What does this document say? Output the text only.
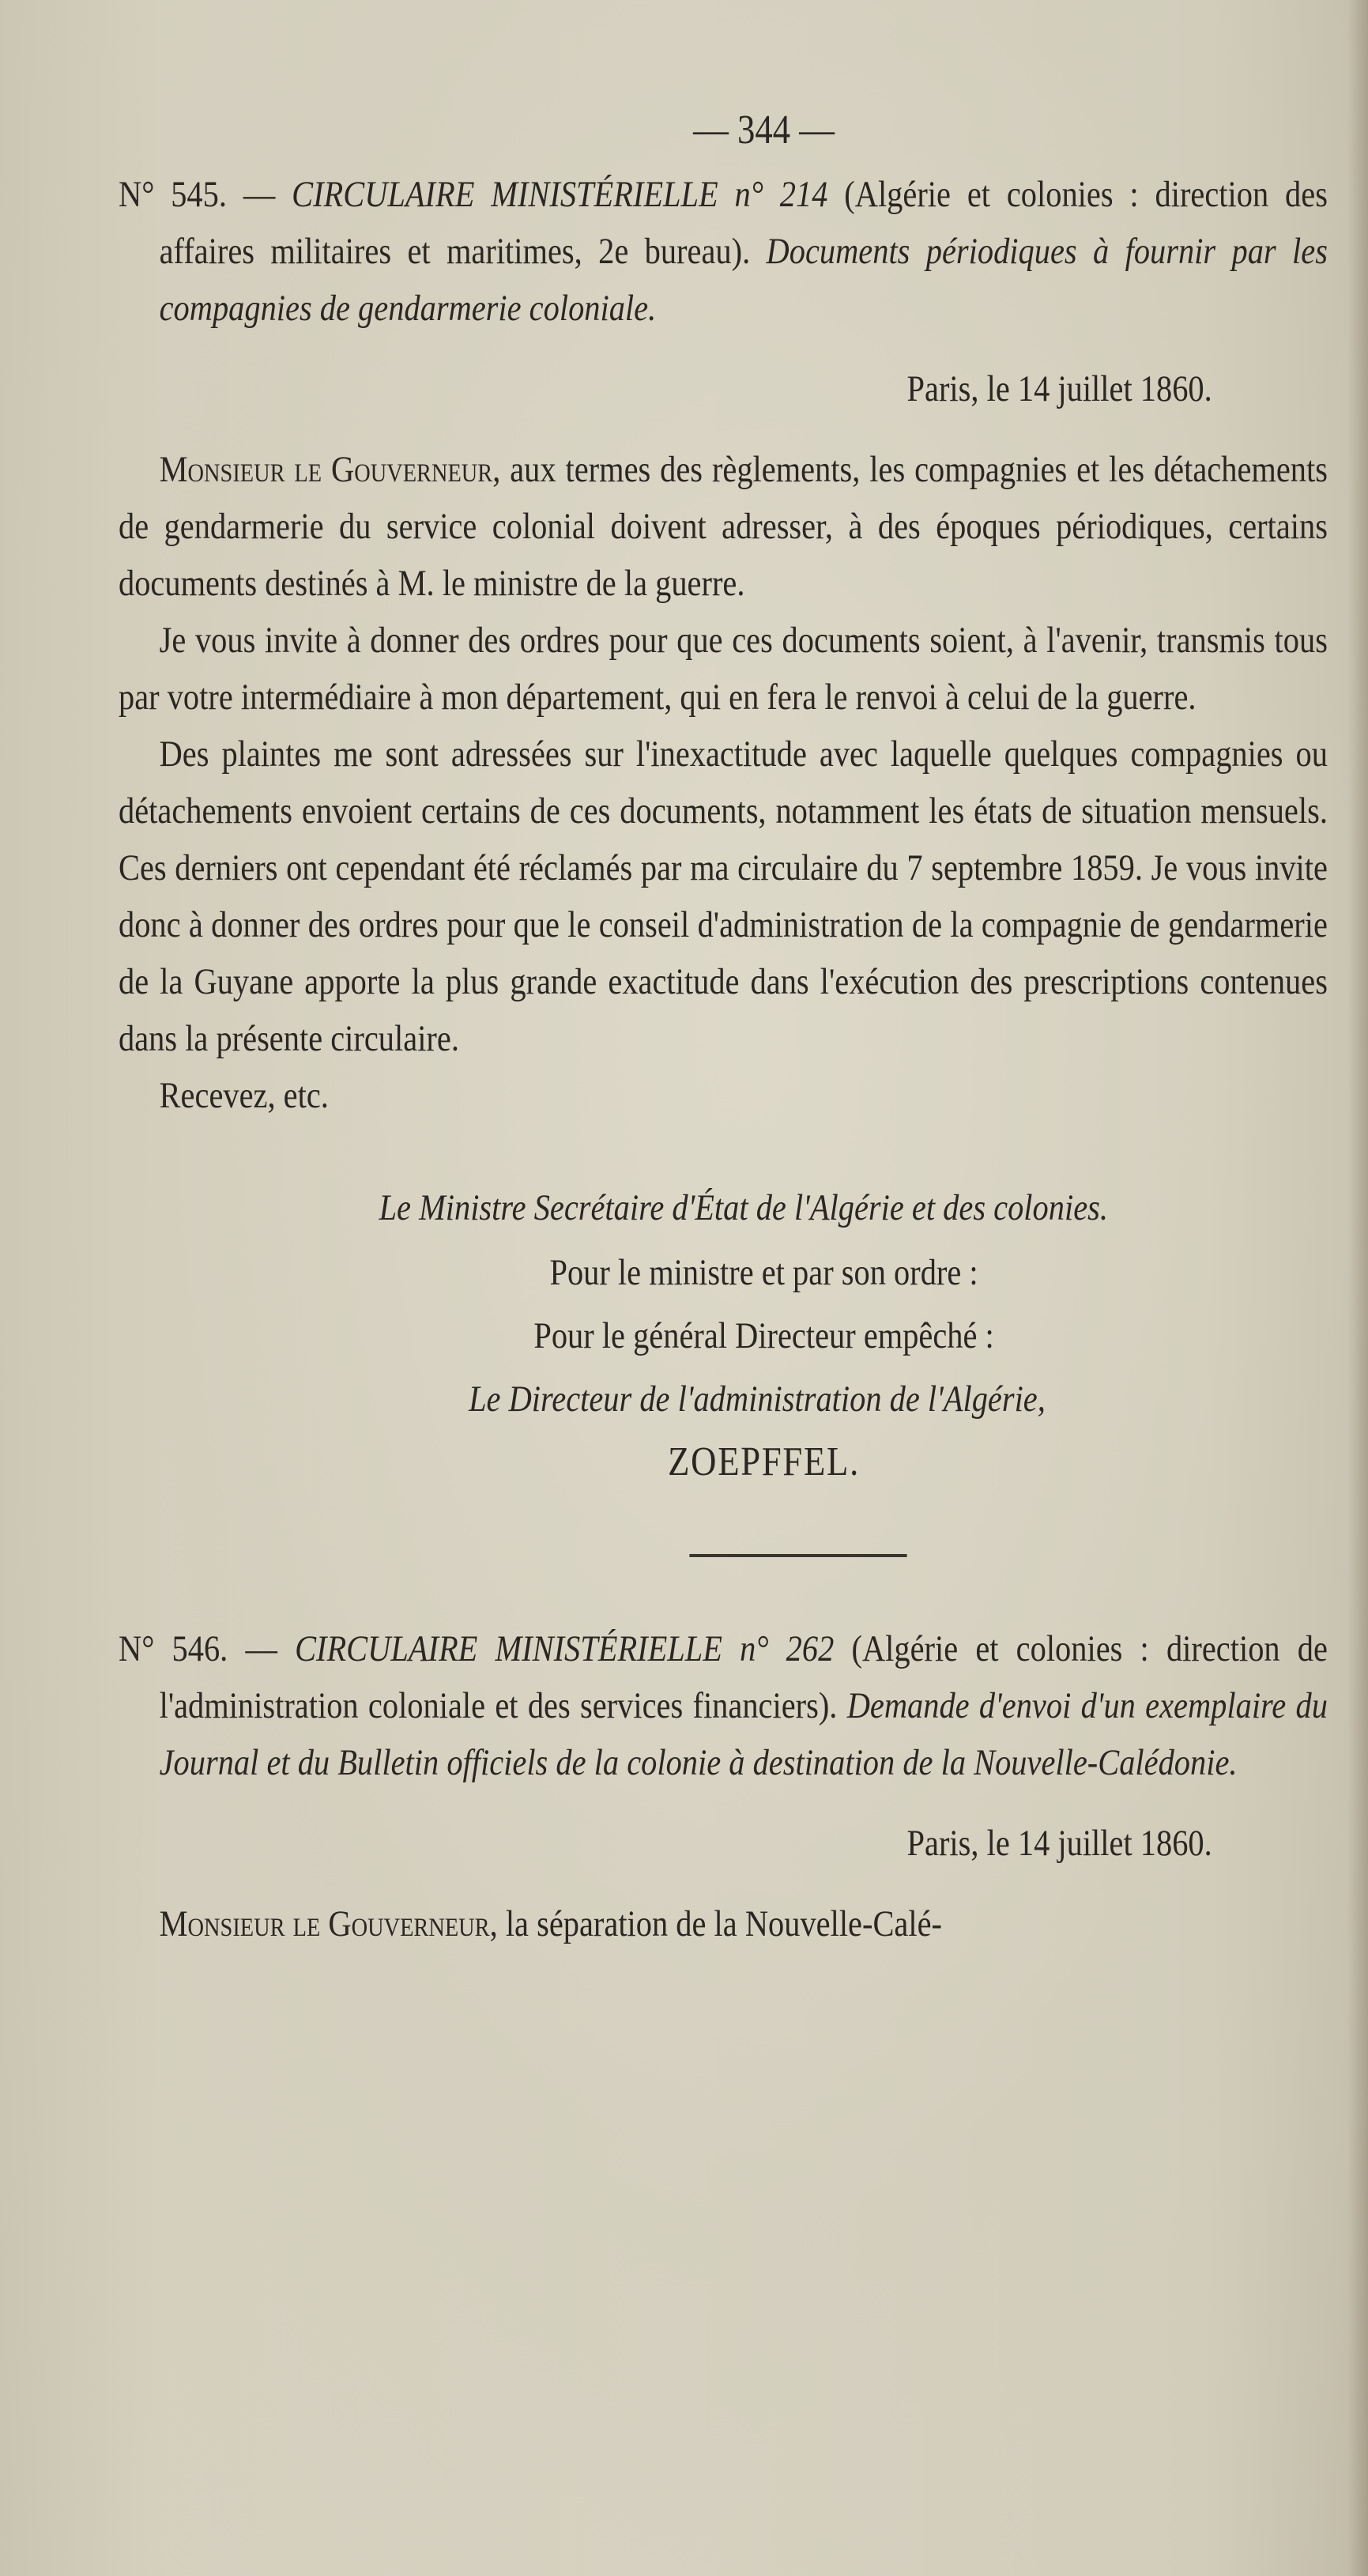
— 344 —

N° 545. — CIRCULAIRE MINISTÉRIELLE n° 214 (Algérie et colonies : direction des affaires militaires et maritimes, 2e bureau). Documents périodiques à fournir par les compagnies de gendarmerie coloniale.

Paris, le 14 juillet 1860.

Monsieur le Gouverneur, aux termes des règlements, les compagnies et les détachements de gendarmerie du service colonial doivent adresser, à des époques périodiques, certains documents destinés à M. le ministre de la guerre.

Je vous invite à donner des ordres pour que ces documents soient, à l'avenir, transmis tous par votre intermédiaire à mon département, qui en fera le renvoi à celui de la guerre.

Des plaintes me sont adressées sur l'inexactitude avec laquelle quelques compagnies ou détachements envoient certains de ces documents, notamment les états de situation mensuels. Ces derniers ont cependant été réclamés par ma circulaire du 7 septembre 1859. Je vous invite donc à donner des ordres pour que le conseil d'administration de la compagnie de gendarmerie de la Guyane apporte la plus grande exactitude dans l'exécution des prescriptions contenues dans la présente circulaire.

Recevez, etc.

Le Ministre Secrétaire d'État de l'Algérie et des colonies.
Pour le ministre et par son ordre :
Pour le général Directeur empêché :
Le Directeur de l'administration de l'Algérie,
ZOEPFFEL.

N° 546. — CIRCULAIRE MINISTÉRIELLE n° 262 (Algérie et colonies : direction de l'administration coloniale et des services financiers). Demande d'envoi d'un exemplaire du Journal et du Bulletin officiels de la colonie à destination de la Nouvelle-Calédonie.

Paris, le 14 juillet 1860.

Monsieur le Gouverneur, la séparation de la Nouvelle-Calé-
